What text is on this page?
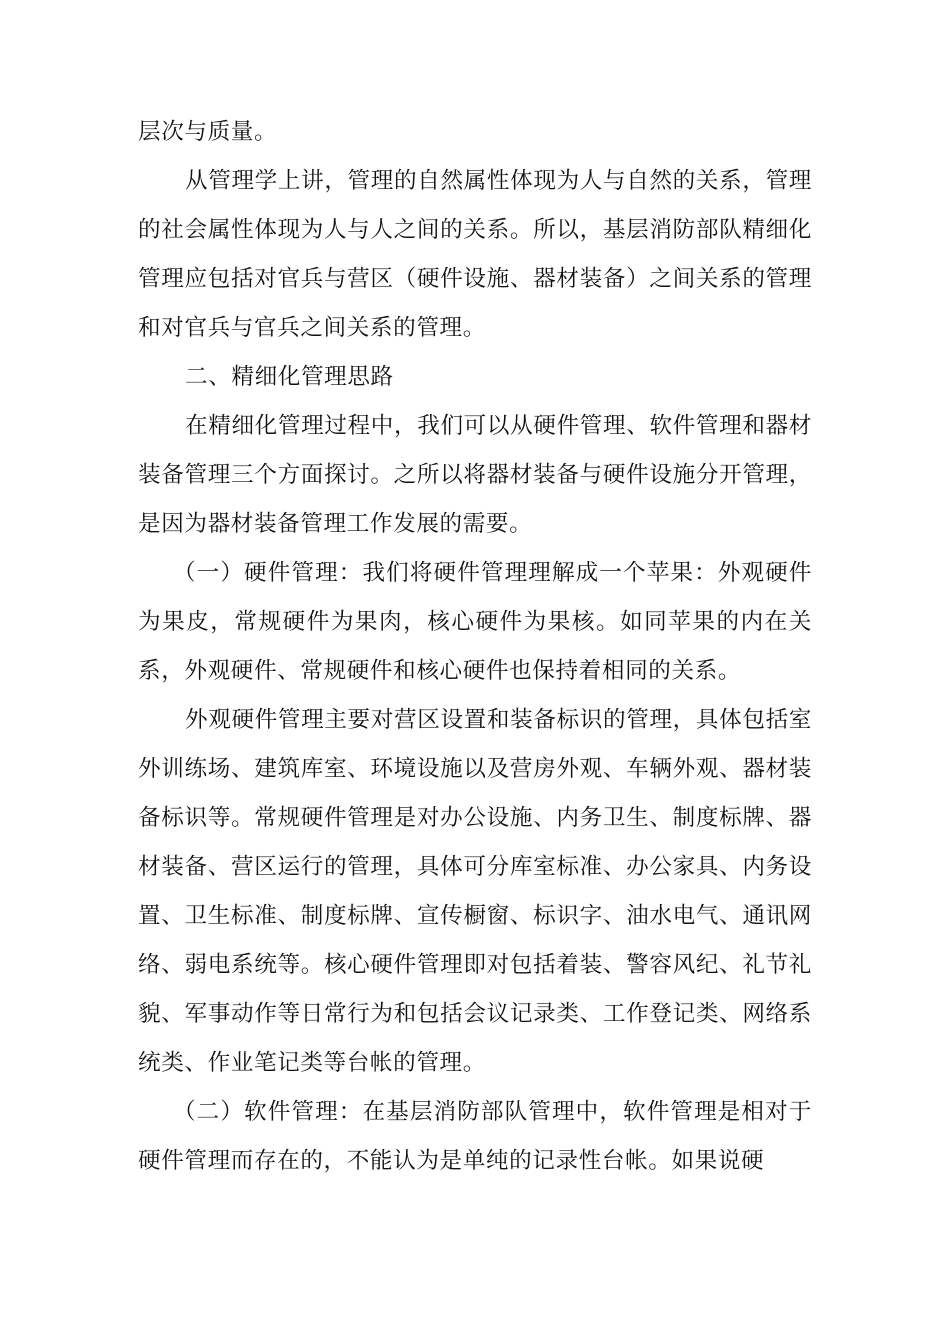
层次与质量。

从管理学上讲，管理的自然属性体现为人与自然的关系，管理的社会属性体现为人与人之间的关系。所以，基层消防部队精细化管理应包括对官兵与营区（硬件设施、器材装备）之间关系的管理和对官兵与官兵之间关系的管理。

二、精细化管理思路

在精细化管理过程中，我们可以从硬件管理、软件管理和器材装备管理三个方面探讨。之所以将器材装备与硬件设施分开管理，是因为器材装备管理工作发展的需要。

（一）硬件管理：我们将硬件管理理解成一个苹果：外观硬件为果皮，常规硬件为果肉，核心硬件为果核。如同苹果的内在关系，外观硬件、常规硬件和核心硬件也保持着相同的关系。

外观硬件管理主要对营区设置和装备标识的管理，具体包括室外训练场、建筑库室、环境设施以及营房外观、车辆外观、器材装备标识等。常规硬件管理是对办公设施、内务卫生、制度标牌、器材装备、营区运行的管理，具体可分库室标准、办公家具、内务设置、卫生标准、制度标牌、宣传橱窗、标识字、油水电气、通讯网络、弱电系统等。核心硬件管理即对包括着装、警容风纪、礼节礼貌、军事动作等日常行为和包括会议记录类、工作登记类、网络系统类、作业笔记类等台帐的管理。

（二）软件管理：在基层消防部队管理中，软件管理是相对于硬件管理而存在的，不能认为是单纯的记录性台帐。如果说硬
